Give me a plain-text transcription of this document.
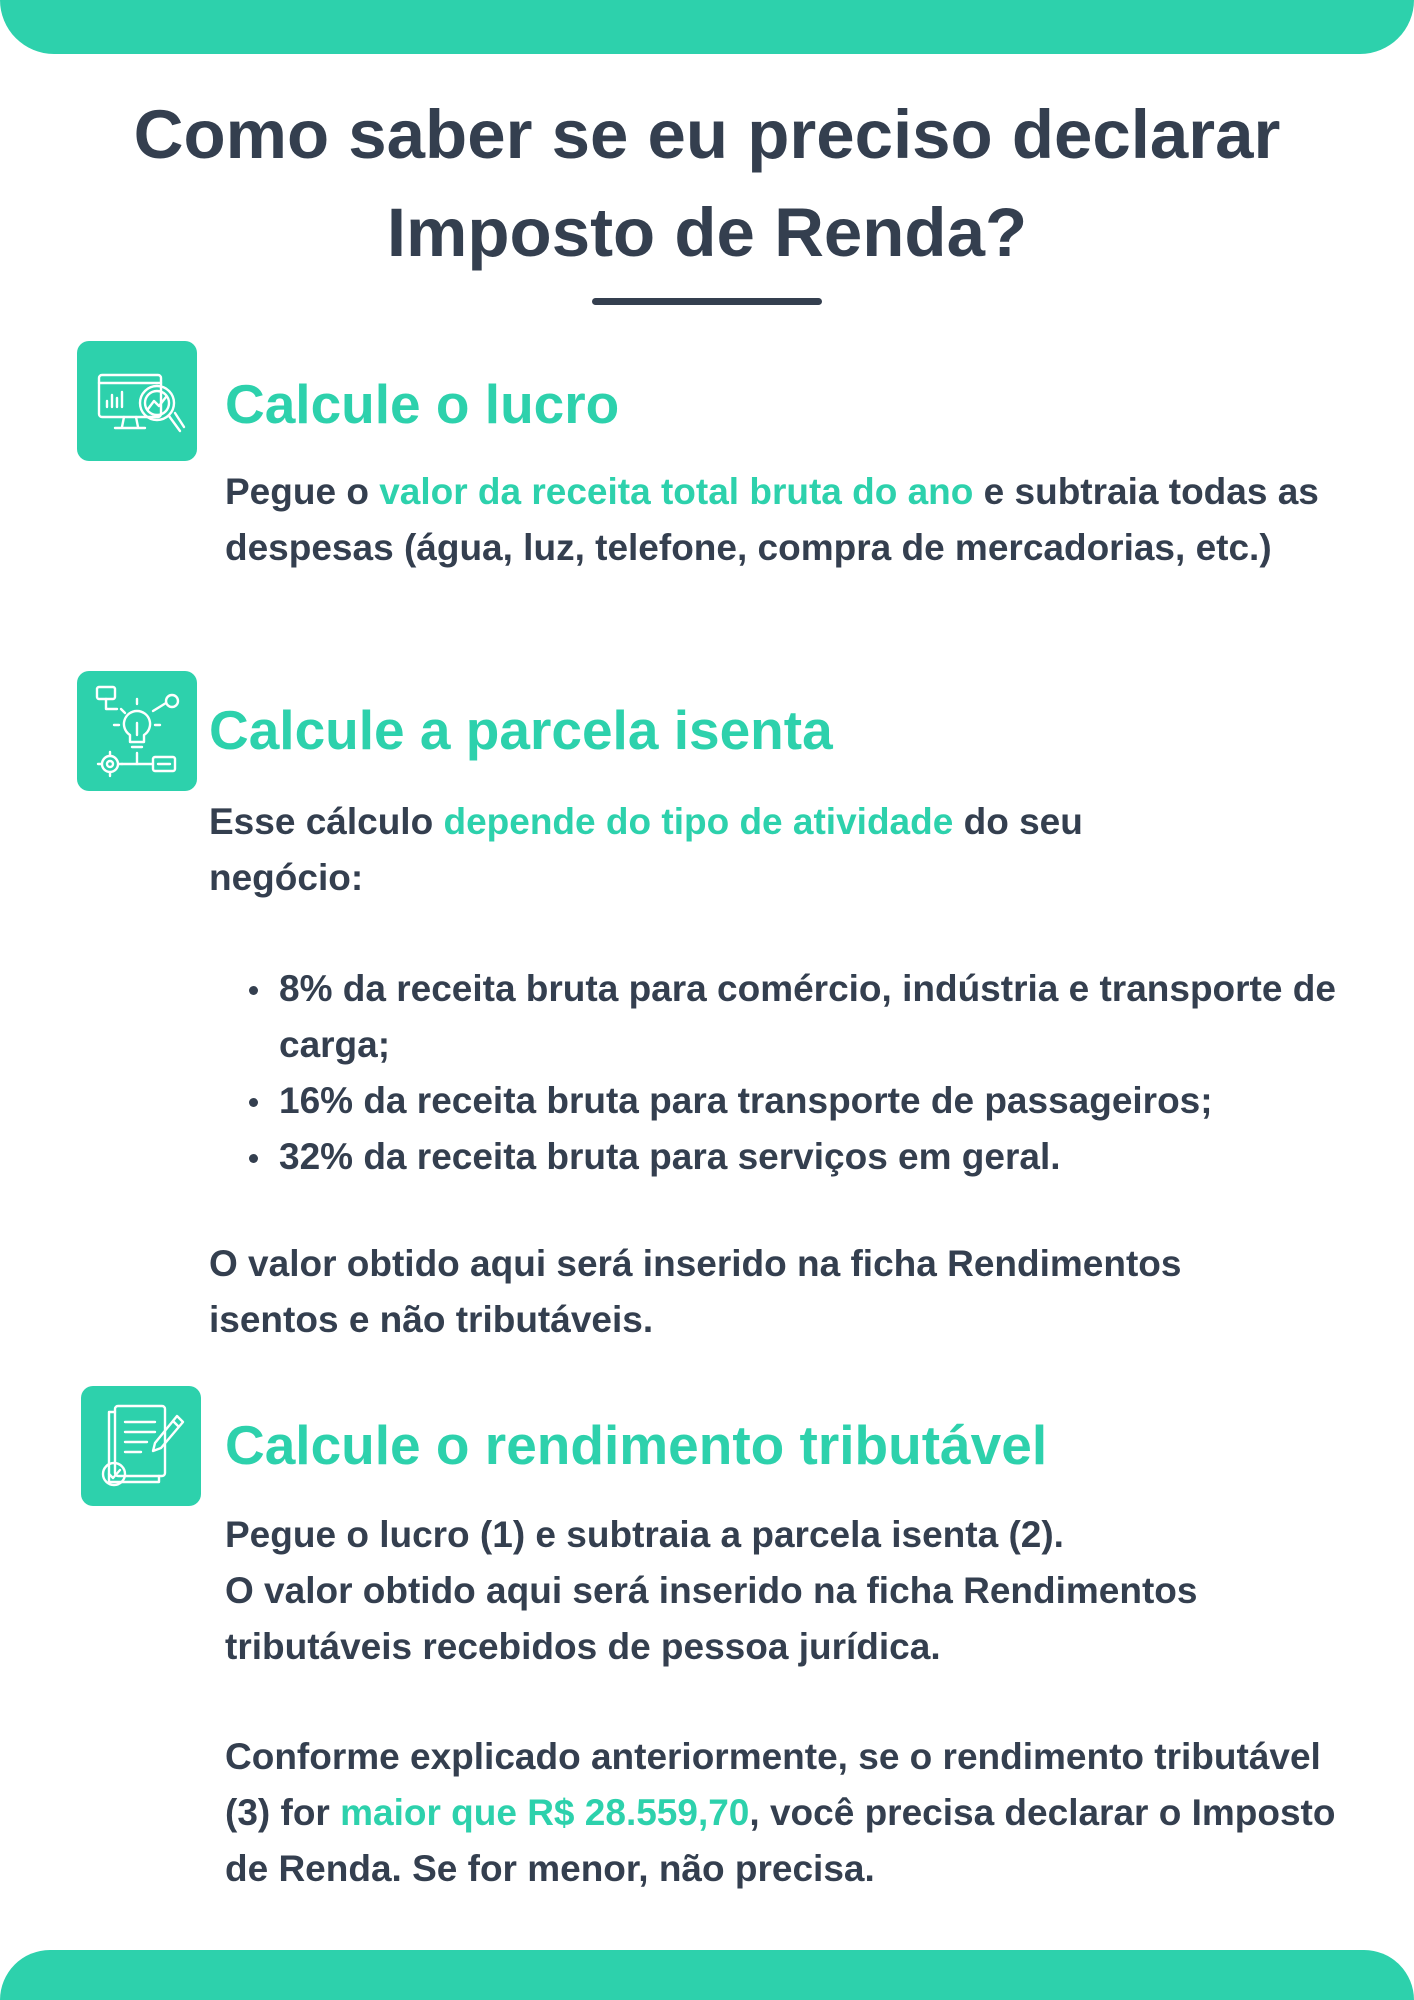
Como saber se eu preciso declarar
Imposto de Renda?
Calcule o lucro

Pegue o valor da receita total bruta do ano e subtraia todas as despesas (água, luz, telefone, compra de mercadorias, etc.)

Calcule a parcela isenta

Esse cálculo depende do tipo de atividade do seu negócio:

8% da receita bruta para comércio, indústria e transporte de carga;
16% da receita bruta para transporte de passageiros;
32% da receita bruta para serviços em geral.

O valor obtido aqui será inserido na ficha Rendimentos isentos e não tributáveis.

Calcule o rendimento tributável

Pegue o lucro (1) e subtraia a parcela isenta (2).

O valor obtido aqui será inserido na ficha Rendimentos tributáveis recebidos de pessoa jurídica.

Conforme explicado anteriormente, se o rendimento tributável (3) for maior que R$ 28.559,70, você precisa declarar o Imposto de Renda. Se for menor, não precisa.
